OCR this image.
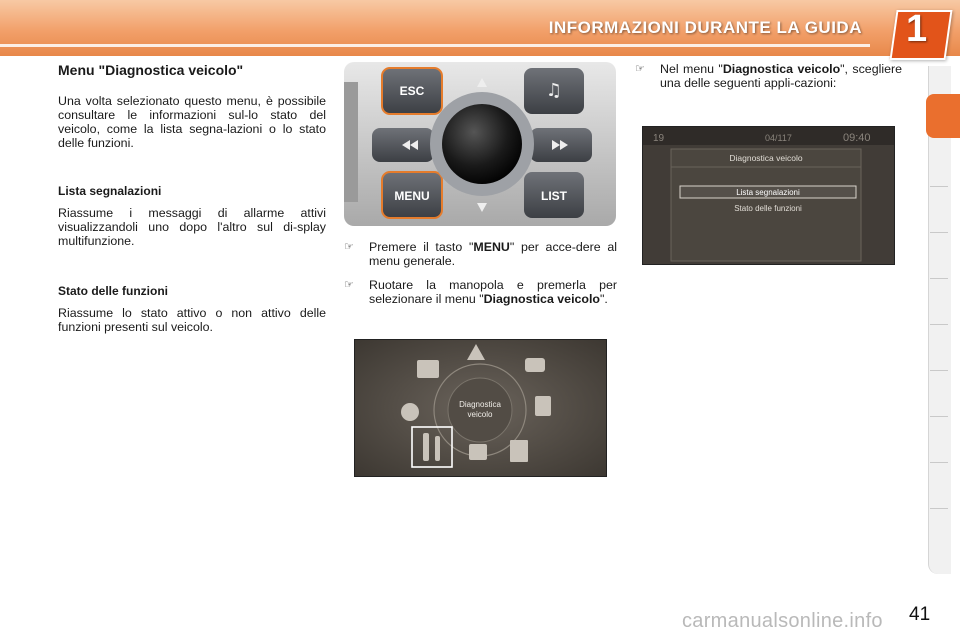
INFORMAZIONI DURANTE LA GUIDA 1
Menu "Diagnostica veicolo"

Una volta selezionato questo menu, è possibile consultare le informazioni sul-lo stato del veicolo, come la lista segna-lazioni o lo stato delle funzioni.

Lista segnalazioni

Riassume i messaggi di allarme attivi visualizzandoli uno dopo l'altro sul di-splay multifunzione.

Stato delle funzioni

Riassume lo stato attivo o non attivo delle funzioni presenti sul veicolo.

♫
ESC
MENU	LIST
☞ Premere il tasto "MENU" per acce-dere al menu generale.
☞ Ruotare la manopola e premerla per selezionare il menu "Diagnostica veicolo".
☞ Nel menu "Diagnostica veicolo", scegliere una delle seguenti appli-cazioni:
19	04/117	09:40
Diagnostica veicolo
Lista segnalazioni
Stato delle funzioni
Diagnostica
veicolo
carmanualsonline.info 41
